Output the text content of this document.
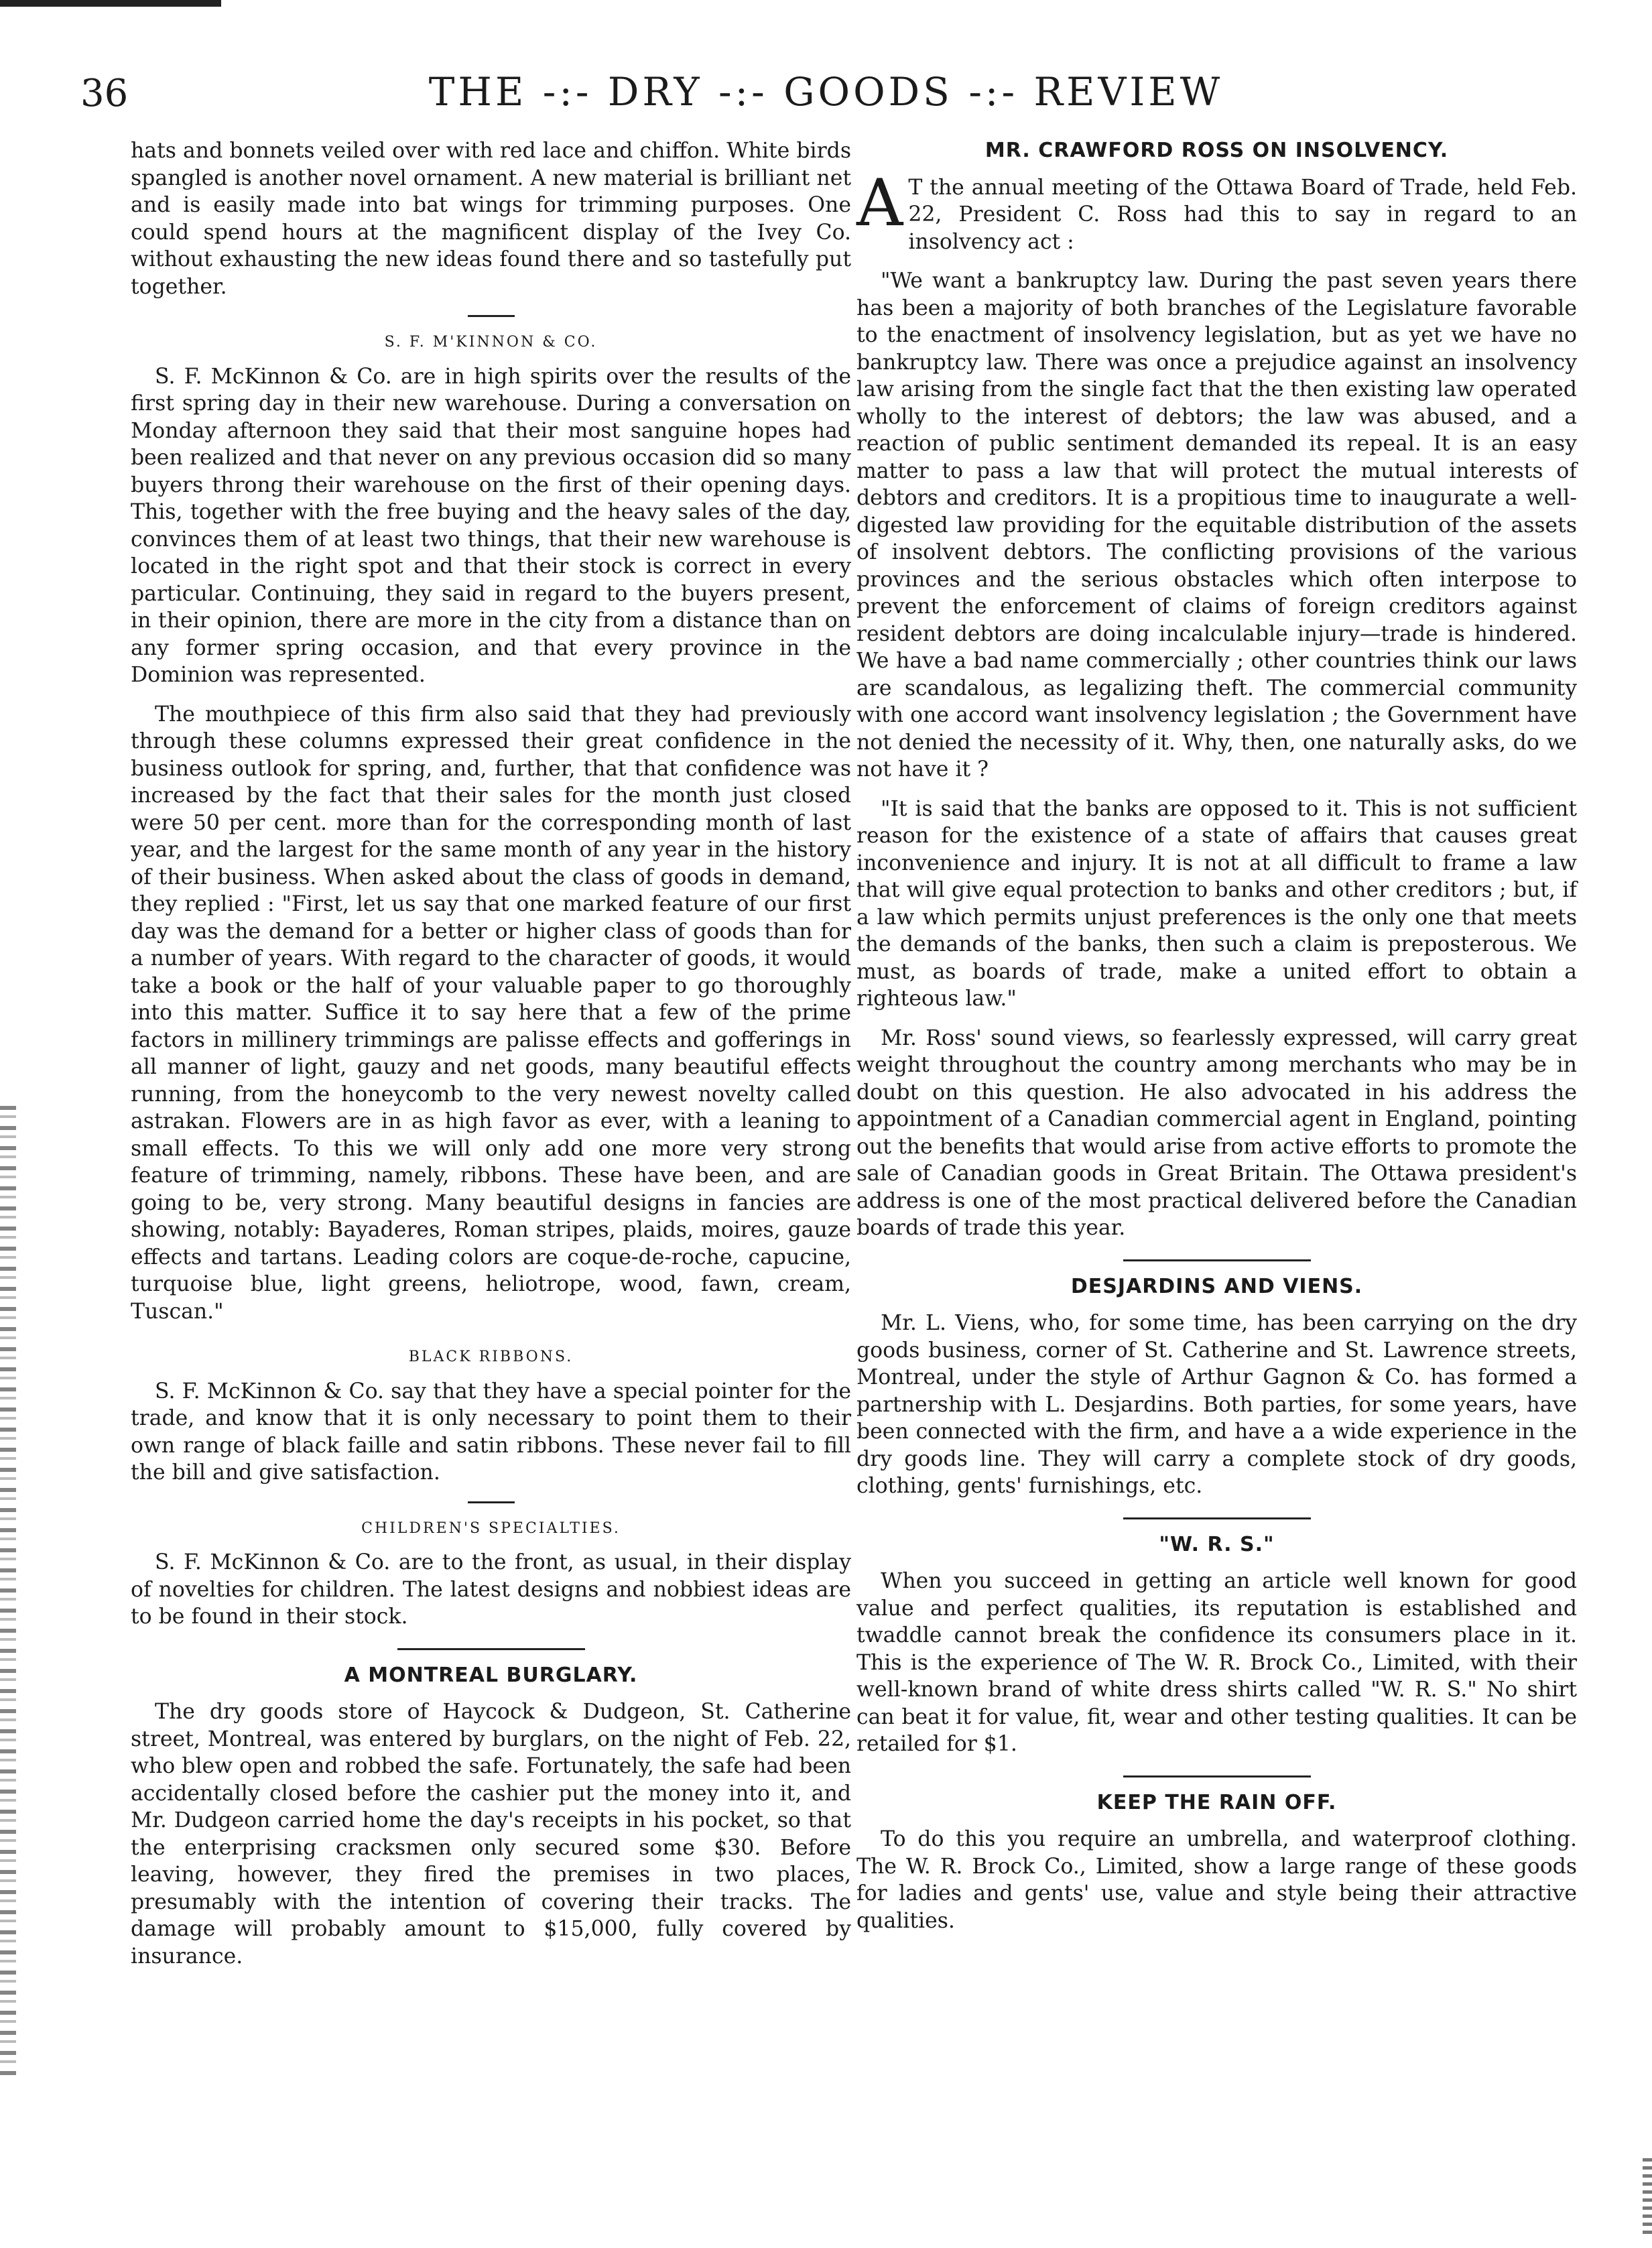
36	THE -:- DRY -:- GOODS -:- REVIEW

hats and bonnets veiled over with red lace and chiffon. White birds spangled is another novel ornament. A new material is brilliant net and is easily made into bat wings for trimming purposes. One could spend hours at the magnificent display of the Ivey Co. without exhausting the new ideas found there and so tastefully put together.

S. F. M'KINNON & CO.

S. F. McKinnon & Co. are in high spirits over the results of the first spring day in their new warehouse. During a conversation on Monday afternoon they said that their most sanguine hopes had been realized and that never on any previous occasion did so many buyers throng their warehouse on the first of their opening days. This, together with the free buying and the heavy sales of the day, convinces them of at least two things, that their new warehouse is located in the right spot and that their stock is correct in every particular. Continuing, they said in regard to the buyers present, in their opinion, there are more in the city from a distance than on any former spring occasion, and that every province in the Dominion was represented.

The mouthpiece of this firm also said that they had previously through these columns expressed their great confidence in the business outlook for spring, and, further, that that confidence was increased by the fact that their sales for the month just closed were 50 per cent. more than for the corresponding month of last year, and the largest for the same month of any year in the history of their business. When asked about the class of goods in demand, they replied : "First, let us say that one marked feature of our first day was the demand for a better or higher class of goods than for a number of years. With regard to the character of goods, it would take a book or the half of your valuable paper to go thoroughly into this matter. Suffice it to say here that a few of the prime factors in millinery trimmings are palisse effects and gofferings in all manner of light, gauzy and net goods, many beautiful effects running, from the honeycomb to the very newest novelty called astrakan. Flowers are in as high favor as ever, with a leaning to small effects. To this we will only add one more very strong feature of trimming, namely, ribbons. These have been, and are going to be, very strong. Many beautiful designs in fancies are showing, notably: Bayaderes, Roman stripes, plaids, moires, gauze effects and tartans. Leading colors are coque-de-roche, capucine, turquoise blue, light greens, heliotrope, wood, fawn, cream, Tuscan."

BLACK RIBBONS.

S. F. McKinnon & Co. say that they have a special pointer for the trade, and know that it is only necessary to point them to their own range of black faille and satin ribbons. These never fail to fill the bill and give satisfaction.

CHILDREN'S SPECIALTIES.

S. F. McKinnon & Co. are to the front, as usual, in their display of novelties for children. The latest designs and nobbiest ideas are to be found in their stock.

A MONTREAL BURGLARY.

The dry goods store of Haycock & Dudgeon, St. Catherine street, Montreal, was entered by burglars, on the night of Feb. 22, who blew open and robbed the safe. Fortunately, the safe had been accidentally closed before the cashier put the money into it, and Mr. Dudgeon carried home the day's receipts in his pocket, so that the enterprising cracksmen only secured some $30. Before leaving, however, they fired the premises in two places, presumably with the intention of covering their tracks. The damage will probably amount to $15,000, fully covered by insurance.

MR. CRAWFORD ROSS ON INSOLVENCY.

A T the annual meeting of the Ottawa Board of Trade, held Feb. 22, President C. Ross had this to say in regard to an insolvency act :

"We want a bankruptcy law. During the past seven years there has been a majority of both branches of the Legislature favorable to the enactment of insolvency legislation, but as yet we have no bankruptcy law. There was once a prejudice against an insolvency law arising from the single fact that the then existing law operated wholly to the interest of debtors; the law was abused, and a reaction of public sentiment demanded its repeal. It is an easy matter to pass a law that will protect the mutual interests of debtors and creditors. It is a propitious time to inaugurate a well-digested law providing for the equitable distribution of the assets of insolvent debtors. The conflicting provisions of the various provinces and the serious obstacles which often interpose to prevent the enforcement of claims of foreign creditors against resident debtors are doing incalculable injury—trade is hindered. We have a bad name commercially ; other countries think our laws are scandalous, as legalizing theft. The commercial community with one accord want insolvency legislation ; the Government have not denied the necessity of it. Why, then, one naturally asks, do we not have it ?

"It is said that the banks are opposed to it. This is not sufficient reason for the existence of a state of affairs that causes great inconvenience and injury. It is not at all difficult to frame a law that will give equal protection to banks and other creditors ; but, if a law which permits unjust preferences is the only one that meets the demands of the banks, then such a claim is preposterous. We must, as boards of trade, make a united effort to obtain a righteous law."

Mr. Ross' sound views, so fearlessly expressed, will carry great weight throughout the country among merchants who may be in doubt on this question. He also advocated in his address the appointment of a Canadian commercial agent in England, pointing out the benefits that would arise from active efforts to promote the sale of Canadian goods in Great Britain. The Ottawa president's address is one of the most practical delivered before the Canadian boards of trade this year.

DESJARDINS AND VIENS.

Mr. L. Viens, who, for some time, has been carrying on the dry goods business, corner of St. Catherine and St. Lawrence streets, Montreal, under the style of Arthur Gagnon & Co. has formed a partnership with L. Desjardins. Both parties, for some years, have been connected with the firm, and have a a wide experience in the dry goods line. They will carry a complete stock of dry goods, clothing, gents' furnishings, etc.

"W. R. S."

When you succeed in getting an article well known for good value and perfect qualities, its reputation is established and twaddle cannot break the confidence its consumers place in it. This is the experience of The W. R. Brock Co., Limited, with their well-known brand of white dress shirts called "W. R. S." No shirt can beat it for value, fit, wear and other testing qualities. It can be retailed for $1.

KEEP THE RAIN OFF.

To do this you require an umbrella, and waterproof clothing. The W. R. Brock Co., Limited, show a large range of these goods for ladies and gents' use, value and style being their attractive qualities.
